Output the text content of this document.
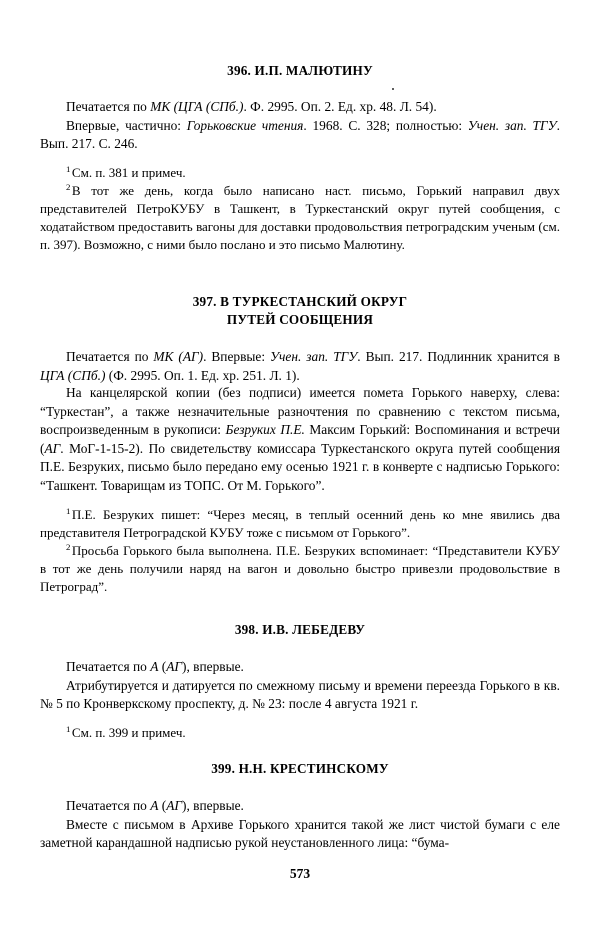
396. И.П. МАЛЮТИНУ

Печатается по МК (ЦГА (СПб.). Ф. 2995. Оп. 2. Ед. хр. 48. Л. 54).

Впервые, частично: Горьковские чтения. 1968. С. 328; полностью: Учен. зап. ТГУ. Вып. 217. С. 246.

$^1$ См. п. 381 и примеч.

$^2$ В тот же день, когда было написано наст. письмо, Горький направил двух представителей ПетроКУБУ в Ташкент, в Туркестанский округ путей сообщения, с ходатайством предоставить вагоны для доставки продовольствия петроградским ученым (см. п. 397). Возможно, с ними было послано и это письмо Малютину.

397. В ТУРКЕСТАНСКИЙ ОКРУГ
ПУТЕЙ СООБЩЕНИЯ

Печатается по МК (АГ). Впервые: Учен. зап. ТГУ. Вып. 217. Подлинник хранится в ЦГА (СПб.) (Ф. 2995. Оп. 1. Ед. хр. 251. Л. 1).

На канцелярской копии (без подписи) имеется помета Горького наверху, слева: “Туркестан”, а также незначительные разночтения по сравнению с текстом письма, воспроизведенным в рукописи: Безруких П.Е. Максим Горький: Воспоминания и встречи (АГ. МоГ-1-15-2). По свидетельству комиссара Туркестанского округа путей сообщения П.Е. Безруких, письмо было передано ему осенью 1921 г. в конверте с надписью Горького: “Ташкент. Товарищам из ТОПС. От М. Горького”.

$^1$ П.Е. Безруких пишет: “Через месяц, в теплый осенний день ко мне явились два представителя Петроградской КУБУ тоже с письмом от Горького”.

$^2$ Просьба Горького была выполнена. П.Е. Безруких вспоминает: “Представители КУБУ в тот же день получили наряд на вагон и довольно быстро привезли продовольствие в Петроград”.

398. И.В. ЛЕБЕДЕВУ

Печатается по А (АГ), впервые.

Атрибутируется и датируется по смежному письму и времени переезда Горького в кв. № 5 по Кронверкскому проспекту, д. № 23: после 4 августа 1921 г.

$^1$ См. п. 399 и примеч.

399. Н.Н. КРЕСТИНСКОМУ

Печатается по А (АГ), впервые.

Вместе с письмом в Архиве Горького хранится такой же лист чистой бумаги с еле заметной карандашной надписью рукой неустановленного лица: “бума-

573
